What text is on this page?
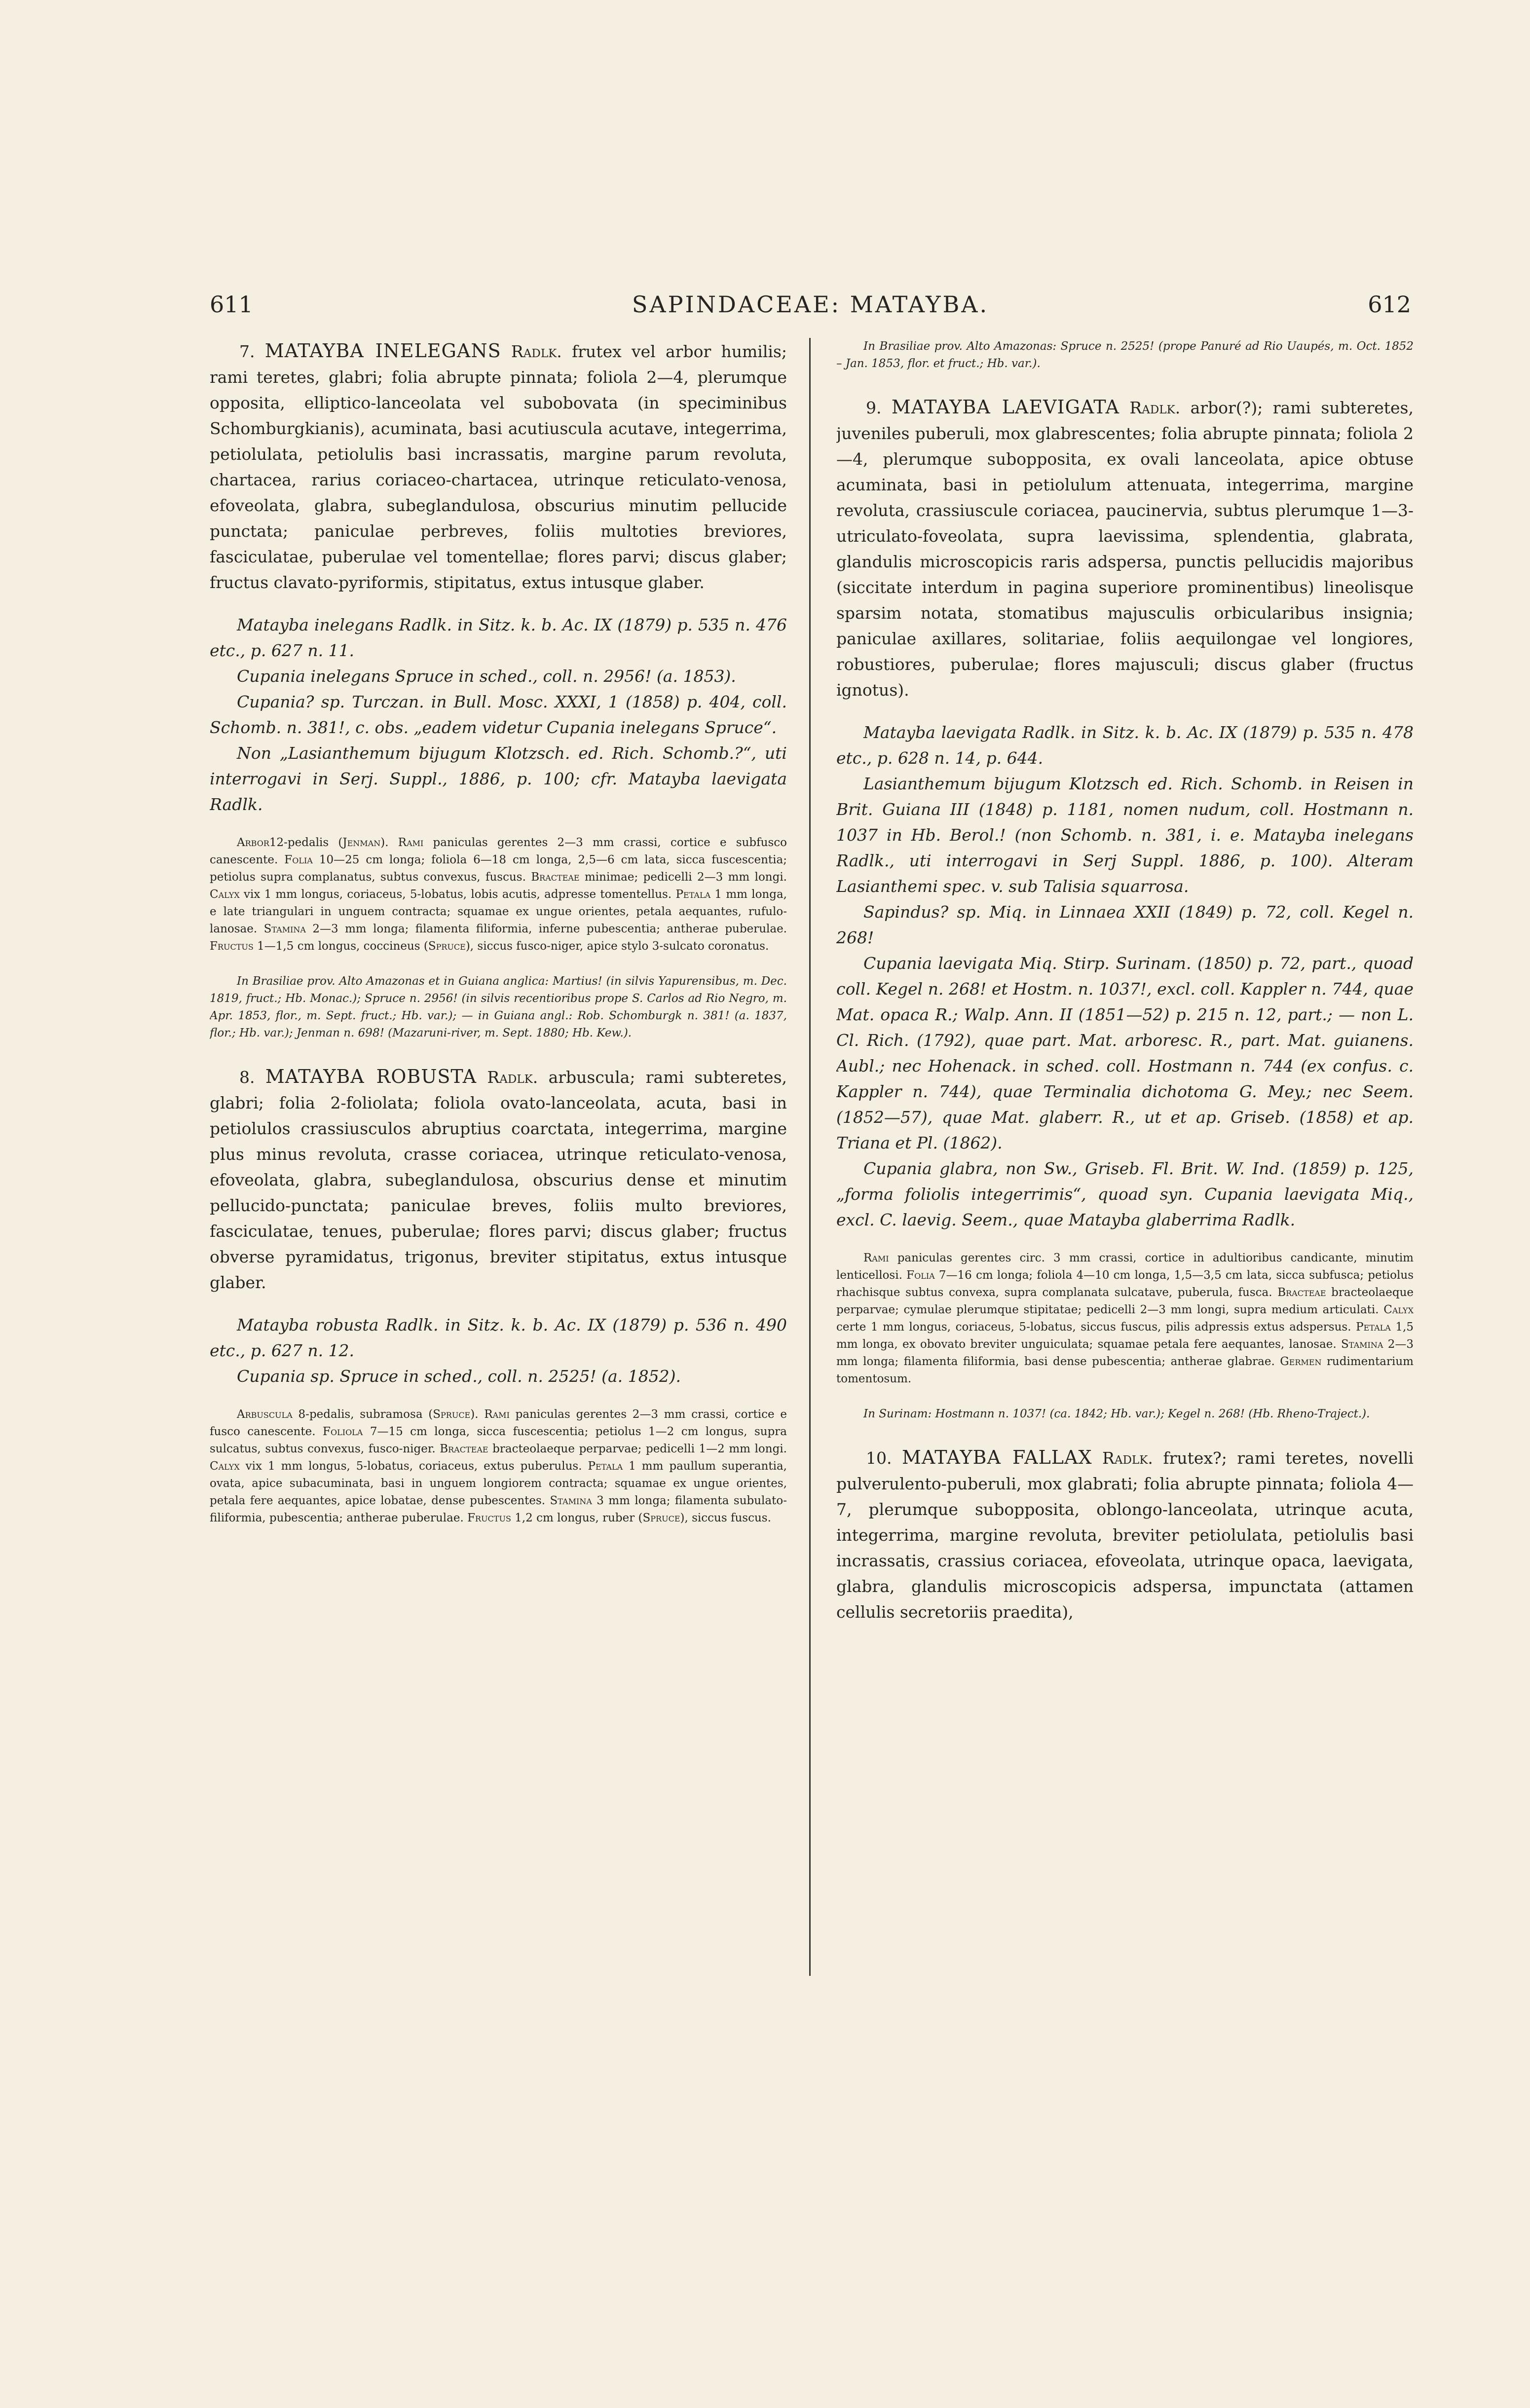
611	SAPINDACEAE: MATAYBA.	612

7. MATAYBA INELEGANS Radlk. frutex vel arbor humilis; rami teretes, glabri; folia abrupte pinnata; foliola 2—4, plerumque opposita, elliptico-lanceolata vel subobovata (in speciminibus Schomburgkianis), acuminata, basi acutiuscula acutave, integerrima, petiolulata, petiolulis basi incrassatis, margine parum revoluta, chartacea, rarius coriaceo-chartacea, utrinque reticulato-venosa, efoveolata, glabra, subeglandulosa, obscurius minutim pellucide punctata; paniculae perbreves, foliis multoties breviores, fasciculatae, puberulae vel tomentellae; flores parvi; discus glaber; fructus clavato-pyriformis, stipitatus, extus intusque glaber.

Matayba inelegans Radlk. in Sitz. k. b. Ac. IX (1879) p. 535 n. 476 etc., p. 627 n. 11.

Cupania inelegans Spruce in sched., coll. n. 2956! (a. 1853).

Cupania? sp. Turczan. in Bull. Mosc. XXXI, 1 (1858) p. 404, coll. Schomb. n. 381!, c. obs. „eadem videtur Cupania inelegans Spruce“.

Non „Lasianthemum bijugum Klotzsch. ed. Rich. Schomb.?“, uti interrogavi in Serj. Suppl., 1886, p. 100; cfr. Matayba laevigata Radlk.

Arbor12-pedalis (Jenman). Rami paniculas gerentes 2—3 mm crassi, cortice e subfusco canescente. Folia 10—25 cm longa; foliola 6—18 cm longa, 2,5—6 cm lata, sicca fuscescentia; petiolus supra complanatus, subtus convexus, fuscus. Bracteae minimae; pedicelli 2—3 mm longi. Calyx vix 1 mm longus, coriaceus, 5-lobatus, lobis acutis, adpresse tomentellus. Petala 1 mm longa, e late triangulari in unguem contracta; squamae ex ungue orientes, petala aequantes, rufulo-lanosae. Stamina 2—3 mm longa; filamenta filiformia, inferne pubescentia; antherae puberulae. Fructus 1—1,5 cm longus, coccineus (Spruce), siccus fusco-niger, apice stylo 3-sulcato coronatus.

In Brasiliae prov. Alto Amazonas et in Guiana anglica: Martius! (in silvis Yapurensibus, m. Dec. 1819, fruct.; Hb. Monac.); Spruce n. 2956! (in silvis recentioribus prope S. Carlos ad Rio Negro, m. Apr. 1853, flor., m. Sept. fruct.; Hb. var.); — in Guiana angl.: Rob. Schomburgk n. 381! (a. 1837, flor.; Hb. var.); Jenman n. 698! (Mazaruni-river, m. Sept. 1880; Hb. Kew.).

8. MATAYBA ROBUSTA Radlk. arbuscula; rami subteretes, glabri; folia 2-foliolata; foliola ovato-lanceolata, acuta, basi in petiolulos crassiusculos abruptius coarctata, integerrima, margine plus minus revoluta, crasse coriacea, utrinque reticulato-venosa, efoveolata, glabra, subeglandulosa, obscurius dense et minutim pellucido-punctata; paniculae breves, foliis multo breviores, fasciculatae, tenues, puberulae; flores parvi; discus glaber; fructus obverse pyramidatus, trigonus, breviter stipitatus, extus intusque glaber.

Matayba robusta Radlk. in Sitz. k. b. Ac. IX (1879) p. 536 n. 490 etc., p. 627 n. 12.

Cupania sp. Spruce in sched., coll. n. 2525! (a. 1852).

Arbuscula 8-pedalis, subramosa (Spruce). Rami paniculas gerentes 2—3 mm crassi, cortice e fusco canescente. Foliola 7—15 cm longa, sicca fuscescentia; petiolus 1—2 cm longus, supra sulcatus, subtus convexus, fusco-niger. Bracteae bracteolaeque perparvae; pedicelli 1—2 mm longi. Calyx vix 1 mm longus, 5-lobatus, coriaceus, extus puberulus. Petala 1 mm paullum superantia, ovata, apice subacuminata, basi in unguem longiorem contracta; squamae ex ungue orientes, petala fere aequantes, apice lobatae, dense pubescentes. Stamina 3 mm longa; filamenta subulato-filiformia, pubescentia; antherae puberulae. Fructus 1,2 cm longus, ruber (Spruce), siccus fuscus.

In Brasiliae prov. Alto Amazonas: Spruce n. 2525! (prope Panuré ad Rio Uaupés, m. Oct. 1852 – Jan. 1853, flor. et fruct.; Hb. var.).

9. MATAYBA LAEVIGATA Radlk. arbor(?); rami subteretes, juveniles puberuli, mox glabrescentes; folia abrupte pinnata; foliola 2—4, plerumque subopposita, ex ovali lanceolata, apice obtuse acuminata, basi in petiolulum attenuata, integerrima, margine revoluta, crassiuscule coriacea, paucinervia, subtus plerumque 1—3-utriculato-foveolata, supra laevissima, splendentia, glabrata, glandulis microscopicis raris adspersa, punctis pellucidis majoribus (siccitate interdum in pagina superiore prominentibus) lineolisque sparsim notata, stomatibus majusculis orbicularibus insignia; paniculae axillares, solitariae, foliis aequilongae vel longiores, robustiores, puberulae; flores majusculi; discus glaber (fructus ignotus).

Matayba laevigata Radlk. in Sitz. k. b. Ac. IX (1879) p. 535 n. 478 etc., p. 628 n. 14, p. 644.

Lasianthemum bijugum Klotzsch ed. Rich. Schomb. in Reisen in Brit. Guiana III (1848) p. 1181, nomen nudum, coll. Hostmann n. 1037 in Hb. Berol.! (non Schomb. n. 381, i. e. Matayba inelegans Radlk., uti interrogavi in Serj Suppl. 1886, p. 100). Alteram Lasianthemi spec. v. sub Talisia squarrosa.

Sapindus? sp. Miq. in Linnaea XXII (1849) p. 72, coll. Kegel n. 268!

Cupania laevigata Miq. Stirp. Surinam. (1850) p. 72, part., quoad coll. Kegel n. 268! et Hostm. n. 1037!, excl. coll. Kappler n. 744, quae Mat. opaca R.; Walp. Ann. II (1851—52) p. 215 n. 12, part.; — non L. Cl. Rich. (1792), quae part. Mat. arboresc. R., part. Mat. guianens. Aubl.; nec Hohenack. in sched. coll. Hostmann n. 744 (ex confus. c. Kappler n. 744), quae Terminalia dichotoma G. Mey.; nec Seem. (1852—57), quae Mat. glaberr. R., ut et ap. Griseb. (1858) et ap. Triana et Pl. (1862).

Cupania glabra, non Sw., Griseb. Fl. Brit. W. Ind. (1859) p. 125, „forma foliolis integerrimis“, quoad syn. Cupania laevigata Miq., excl. C. laevig. Seem., quae Matayba glaberrima Radlk.

Rami paniculas gerentes circ. 3 mm crassi, cortice in adultioribus candicante, minutim lenticellosi. Folia 7—16 cm longa; foliola 4—10 cm longa, 1,5—3,5 cm lata, sicca subfusca; petiolus rhachisque subtus convexa, supra complanata sulcatave, puberula, fusca. Bracteae bracteolaeque perparvae; cymulae plerumque stipitatae; pedicelli 2—3 mm longi, supra medium articulati. Calyx certe 1 mm longus, coriaceus, 5-lobatus, siccus fuscus, pilis adpressis extus adspersus. Petala 1,5 mm longa, ex obovato breviter unguiculata; squamae petala fere aequantes, lanosae. Stamina 2—3 mm longa; filamenta filiformia, basi dense pubescentia; antherae glabrae. Germen rudimentarium tomentosum.

In Surinam: Hostmann n. 1037! (ca. 1842; Hb. var.); Kegel n. 268! (Hb. Rheno-Traject.).

10. MATAYBA FALLAX Radlk. frutex?; rami teretes, novelli pulverulento-puberuli, mox glabrati; folia abrupte pinnata; foliola 4—7, plerumque subopposita, oblongo-lanceolata, utrinque acuta, integerrima, margine revoluta, breviter petiolulata, petiolulis basi incrassatis, crassius coriacea, efoveolata, utrinque opaca, laevigata, glabra, glandulis microscopicis adspersa, impunctata (attamen cellulis secretoriis praedita),
